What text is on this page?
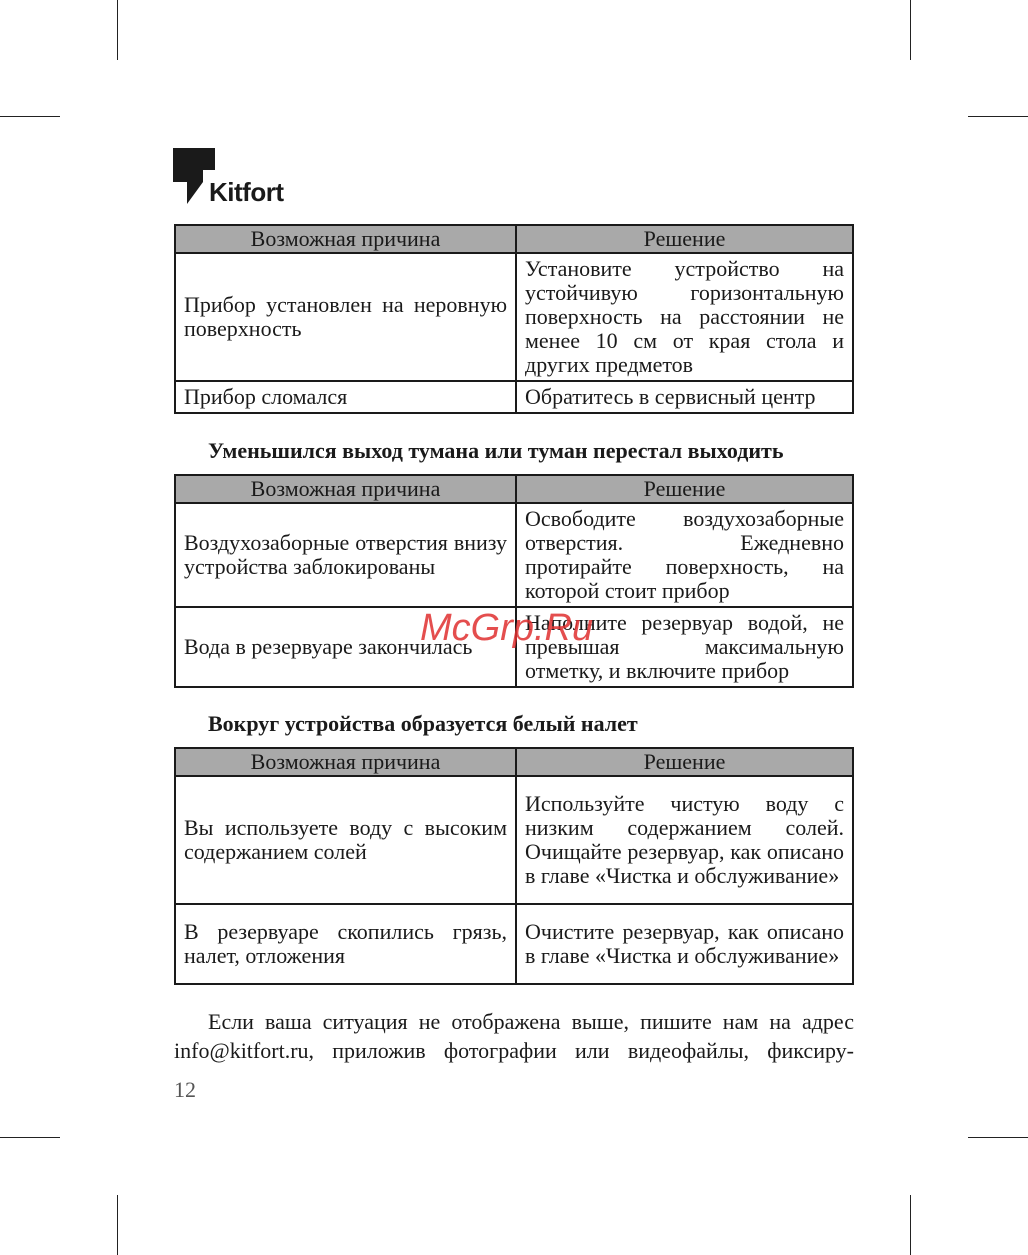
Kitfort
Возможная причина	Решение
Прибор установлен на неровную поверхность	Установите устройство на устойчивую горизонтальную поверхность на расстоянии не менее 10 см от края стола и других предметов
Прибор сломался	Обратитесь в сервисный центр
Уменьшился выход тумана или туман перестал выходить
Возможная причина	Решение
Воздухозаборные отверстия внизу устройства заблокированы	Освободите воздухозаборные отверстия. Ежедневно протирайте поверхность, на которой стоит прибор
Вода в резервуаре закончилась	Наполните резервуар водой, не превышая максимальную отметку, и включите прибор
Вокруг устройства образуется белый налет
Возможная причина	Решение
Вы используете воду с высоким содержанием солей	Используйте чистую воду с низким содержанием солей. Очищайте резервуар, как описано в главе «Чистка и обслуживание»
В резервуаре скопились грязь, налет, отложения	Очистите резервуар, как описано в главе «Чистка и обслуживание»
Если ваша ситуация не отображена выше, пишите нам на адрес
info@kitfort.ru, приложив фотографии или видеофайлы, фиксиру-
12
McGrp.Ru
